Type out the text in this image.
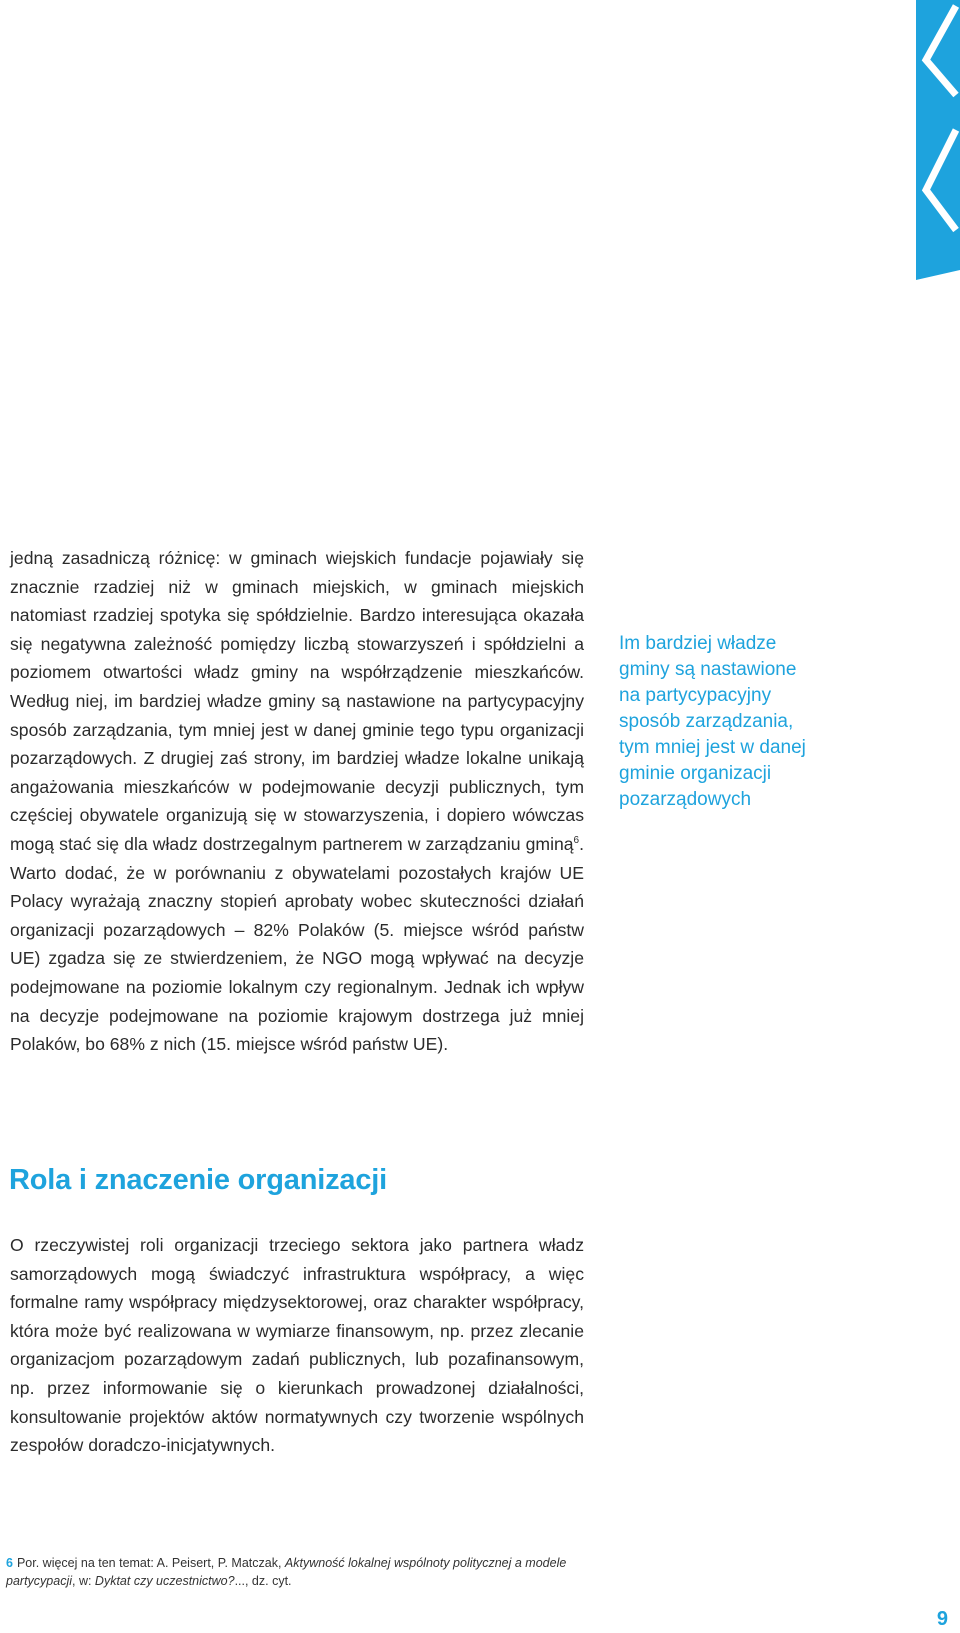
jedną zasadniczą różnicę: w gminach wiejskich fundacje pojawiały się znacznie rzadziej niż w gminach miejskich, w gminach miejskich natomiast rzadziej spotyka się spółdzielnie. Bardzo interesująca okazała się negatywna zależność pomiędzy liczbą stowarzyszeń i spółdzielni a poziomem otwartości władz gminy na współrządzenie mieszkańców. Według niej, im bardziej władze gminy są nastawione na partycypacyjny sposób zarządzania, tym mniej jest w danej gminie tego typu organizacji pozarządowych. Z drugiej zaś strony, im bardziej władze lokalne unikają angażowania mieszkańców w podejmowanie decyzji publicznych, tym częściej obywatele organizują się w stowarzyszenia, i dopiero wówczas mogą stać się dla władz dostrzegalnym partnerem w zarządzaniu gminą$^6$. Warto dodać, że w porównaniu z obywatelami pozostałych krajów UE Polacy wyrażają znaczny stopień aprobaty wobec skuteczności działań organizacji pozarządowych – 82% Polaków (5. miejsce wśród państw UE) zgadza się ze stwierdzeniem, że NGO mogą wpływać na decyzje podejmowane na poziomie lokalnym czy regionalnym. Jednak ich wpływ na decyzje podejmowane na poziomie krajowym dostrzega już mniej Polaków, bo 68% z nich (15. miejsce wśród państw UE).

Im bardziej władze
gminy są nastawione
na partycypacyjny
sposób zarządzania,
tym mniej jest w danej
gminie organizacji
pozarządowych
Rola i znaczenie organizacji

O rzeczywistej roli organizacji trzeciego sektora jako partnera władz samorządowych mogą świadczyć infrastruktura współpracy, a więc formalne ramy współpracy międzysektorowej, oraz charakter współpracy, która może być realizowana w wymiarze finansowym, np. przez zlecanie organizacjom pozarządowym zadań publicznych, lub pozafinansowym, np. przez informowanie się o kierunkach prowadzonej działalności, konsultowanie projektów aktów normatywnych czy tworzenie wspólnych zespołów doradczo-inicjatywnych.

6 Por. więcej na ten temat: A. Peisert, P. Matczak, Aktywność lokalnej wspólnoty politycznej a modele partycypacji, w: Dyktat czy uczestnictwo?..., dz. cyt.
9
